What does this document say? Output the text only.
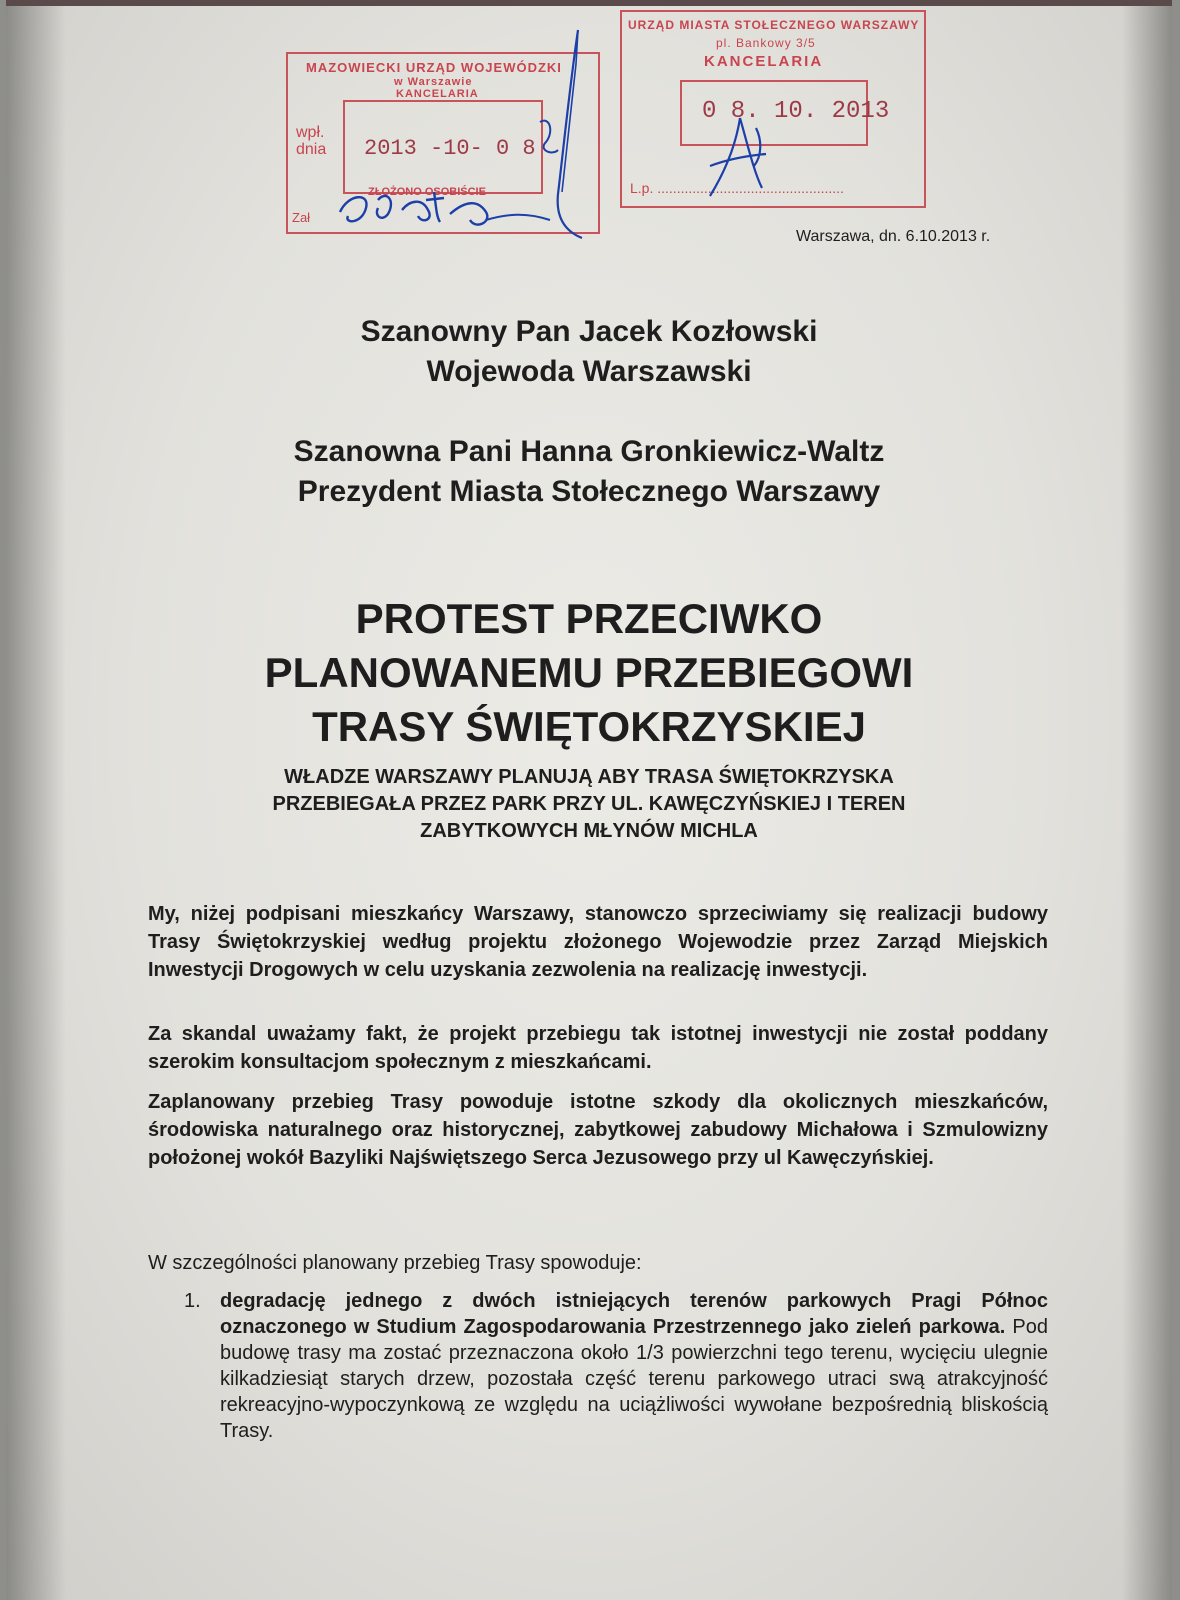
MAZOWIECKI URZĄD WOJEWÓDZKI
w Warszawie
KANCELARIA
wpł.
dnia 2013 -10- 0 8
ZŁOŻONO OSOBIŚCIE
Zał
URZĄD MIASTA STOŁECZNEGO WARSZAWY
pl. Bankowy 3/5
KANCELARIA
0 8. 10. 2013
L.p. ................................................
Warszawa, dn. 6.10.2013 r.
Szanowny Pan Jacek Kozłowski
Wojewoda Warszawski
Szanowna Pani Hanna Gronkiewicz-Waltz
Prezydent Miasta Stołecznego Warszawy
PROTEST PRZECIWKO
PLANOWANEMU PRZEBIEGOWI
TRASY ŚWIĘTOKRZYSKIEJ
WŁADZE WARSZAWY PLANUJĄ ABY TRASA ŚWIĘTOKRZYSKA
PRZEBIEGAŁA PRZEZ PARK PRZY UL. KAWĘCZYŃSKIEJ I TEREN
ZABYTKOWYCH MŁYNÓW MICHLA
My, niżej podpisani mieszkańcy Warszawy, stanowczo sprzeciwiamy się realizacji budowy Trasy Świętokrzyskiej według projektu złożonego Wojewodzie przez Zarząd Miejskich Inwestycji Drogowych w celu uzyskania zezwolenia na realizację inwestycji.
Za skandal uważamy fakt, że projekt przebiegu tak istotnej inwestycji nie został poddany szerokim konsultacjom społecznym z mieszkańcami.
Zaplanowany przebieg Trasy powoduje istotne szkody dla okolicznych mieszkańców, środowiska naturalnego oraz historycznej, zabytkowej zabudowy Michałowa i Szmulowizny położonej wokół Bazyliki Najświętszego Serca Jezusowego przy ul Kawęczyńskiej.
W szczególności planowany przebieg Trasy spowoduje:
1. degradację jednego z dwóch istniejących terenów parkowych Pragi Północ oznaczonego w Studium Zagospodarowania Przestrzennego jako zieleń parkowa. Pod budowę trasy ma zostać przeznaczona około 1/3 powierzchni tego terenu, wycięciu ulegnie kilkadziesiąt starych drzew, pozostała część terenu parkowego utraci swą atrakcyjność rekreacyjno-wypoczynkową ze względu na uciążliwości wywołane bezpośrednią bliskością Trasy.
